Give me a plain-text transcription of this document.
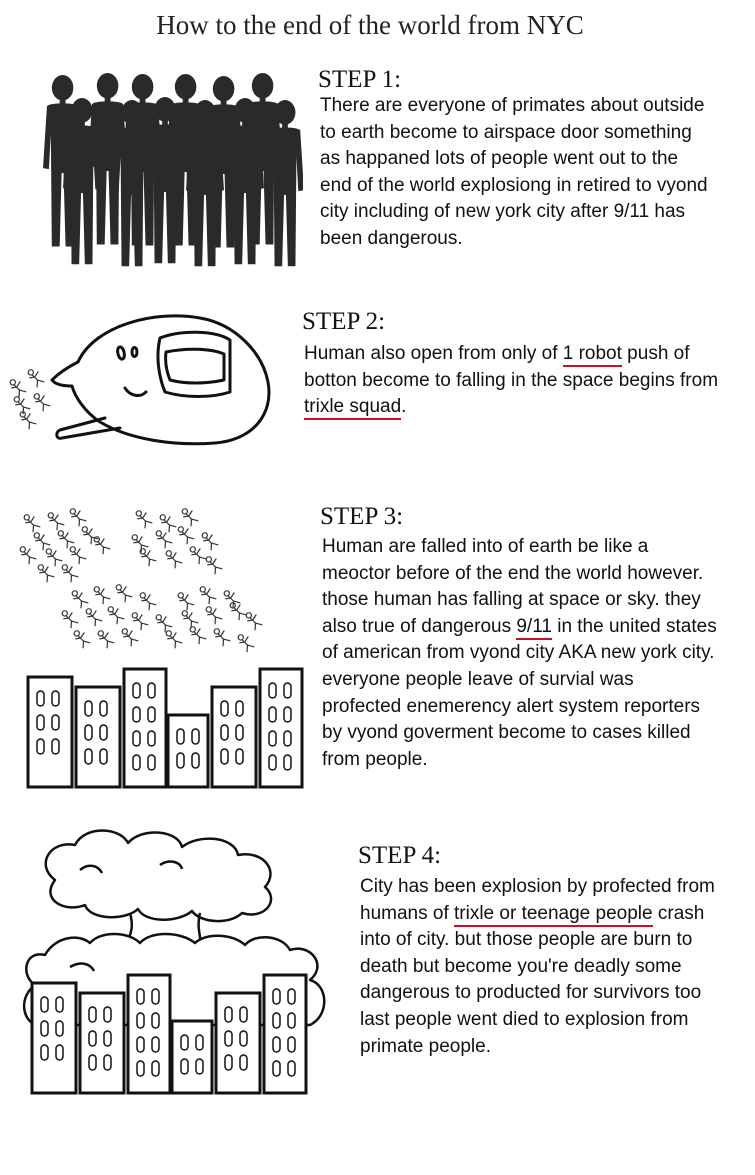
How to the end of the world from NYC
STEP 1:
There are everyone of primates about outside to earth become to airspace door something as happaned lots of people went out to the end of the world explosiong in retired to vyond city including of new york city after 9/11 has been dangerous.
STEP 2:
Human also open from only of 1 robot push of botton become to falling in the space begins from trixle squad.
STEP 3:
Human are falled into of earth be like a meoctor before of the end the world however. those human has falling at space or sky. they also true of dangerous 9/11 in the united states of american from vyond city AKA new york city. everyone people leave of survial was profected enemerency alert system reporters by vyond goverment become to cases killed from people.
STEP 4:
City has been explosion by profected from humans of trixle or teenage people crash into of city. but those people are burn to death but become you're deadly some dangerous to producted for survivors too last people went died to explosion from primate people.
